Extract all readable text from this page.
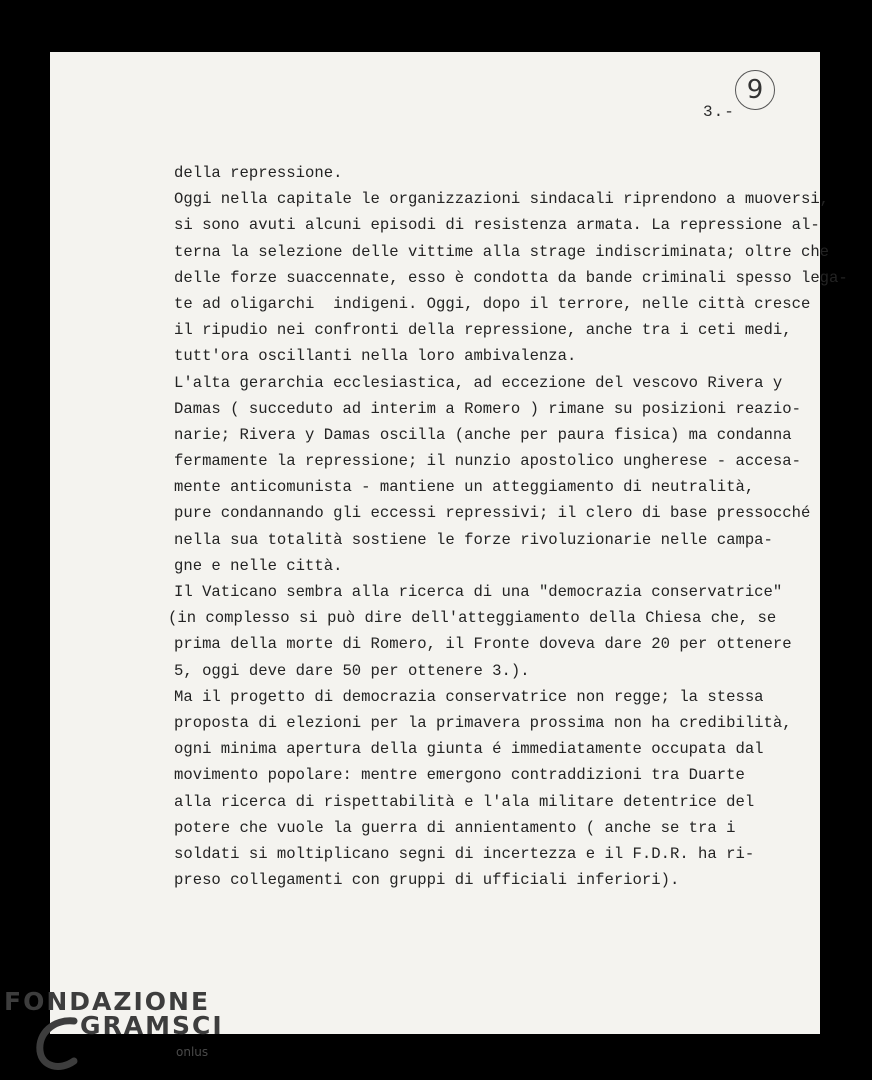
3.-
9
della repressione.
Oggi nella capitale le organizzazioni sindacali riprendono a muoversi,
si sono avuti alcuni episodi di resistenza armata. La repressione al-
terna la selezione delle vittime alla strage indiscriminata; oltre che
delle forze suaccennate, esso è condotta da bande criminali spesso lega-
te ad oligarchi  indigeni. Oggi, dopo il terrore, nelle città cresce
il ripudio nei confronti della repressione, anche tra i ceti medi,
tutt'ora oscillanti nella loro ambivalenza.
L'alta gerarchia ecclesiastica, ad eccezione del vescovo Rivera y
Damas ( succeduto ad interim a Romero ) rimane su posizioni reazio-
narie; Rivera y Damas oscilla (anche per paura fisica) ma condanna
fermamente la repressione; il nunzio apostolico ungherese - accesa-
mente anticomunista - mantiene un atteggiamento di neutralità,
pure condannando gli eccessi repressivi; il clero di base pressocché
nella sua totalità sostiene le forze rivoluzionarie nelle campa-
gne e nelle città.
Il Vaticano sembra alla ricerca di una "democrazia conservatrice"
(in complesso si può dire dell'atteggiamento della Chiesa che, se
prima della morte di Romero, il Fronte doveva dare 20 per ottenere
5, oggi deve dare 50 per ottenere 3.).
Ma il progetto di democrazia conservatrice non regge; la stessa
proposta di elezioni per la primavera prossima non ha credibilità,
ogni minima apertura della giunta é immediatamente occupata dal
movimento popolare: mentre emergono contraddizioni tra Duarte
alla ricerca di rispettabilità e l'ala militare detentrice del
potere che vuole la guerra di annientamento ( anche se tra i
soldati si moltiplicano segni di incertezza e il F.D.R. ha ri-
preso collegamenti con gruppi di ufficiali inferiori).
FONDAZIONE
GRAMSCI
onlus
